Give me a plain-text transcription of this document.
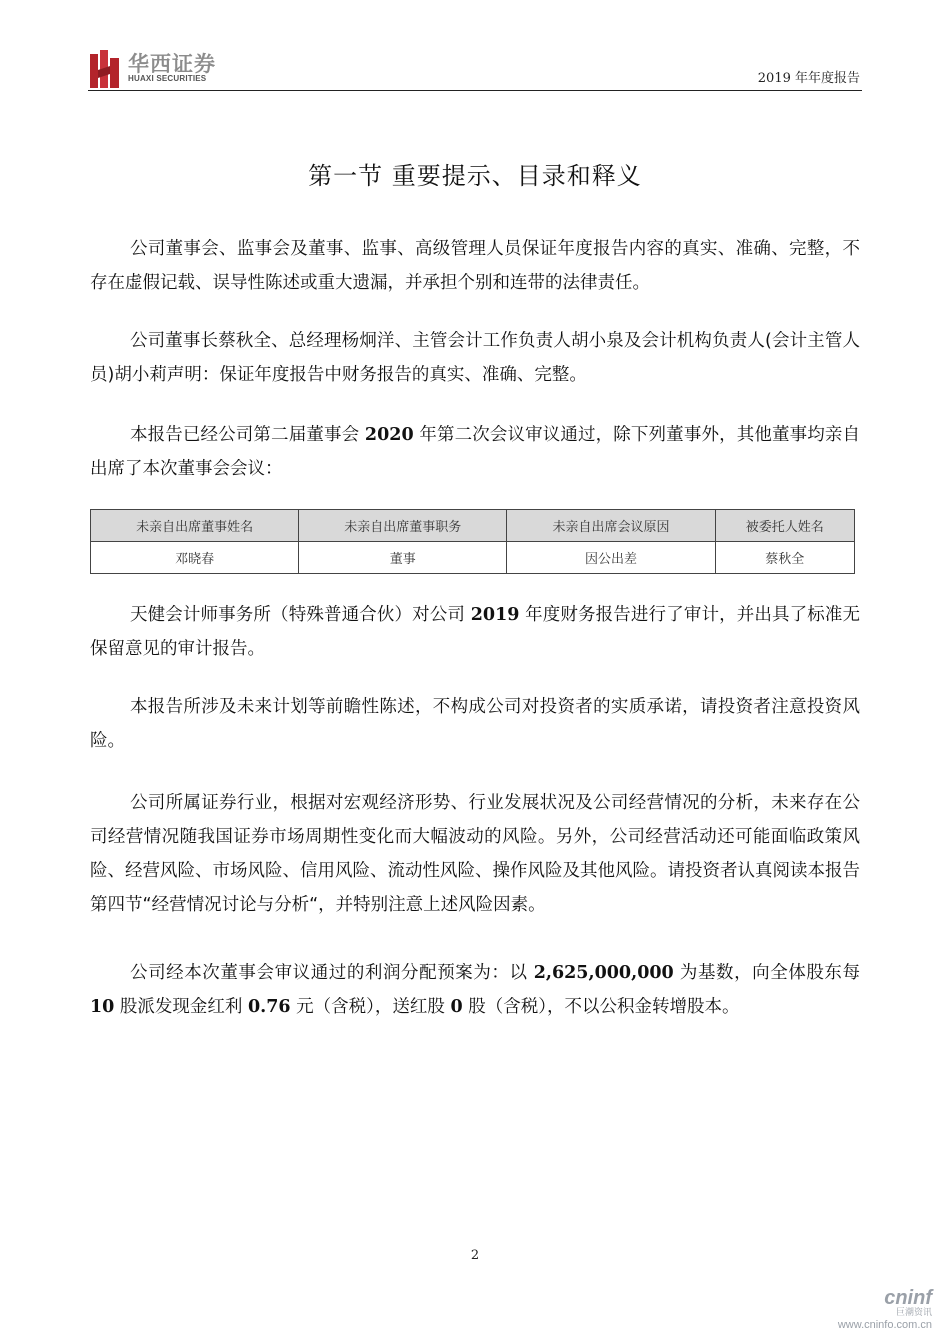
华西证券
HUAXI SECURITIES	2019 年年度报告
第一节 重要提示、目录和释义

公司董事会、监事会及董事、监事、高级管理人员保证年度报告内容的真实、准确、完整，不存在虚假记载、误导性陈述或重大遗漏，并承担个别和连带的法律责任。

公司董事长蔡秋全、总经理杨炯洋、主管会计工作负责人胡小泉及会计机构负责人(会计主管人员)胡小莉声明：保证年度报告中财务报告的真实、准确、完整。

本报告已经公司第二届董事会 2020 年第二次会议审议通过，除下列董事外，其他董事均亲自出席了本次董事会会议：

未亲自出席董事姓名	未亲自出席董事职务	未亲自出席会议原因	被委托人姓名
邓晓春	董事	因公出差	蔡秋全

天健会计师事务所（特殊普通合伙）对公司 2019 年度财务报告进行了审计，并出具了标准无保留意见的审计报告。

本报告所涉及未来计划等前瞻性陈述，不构成公司对投资者的实质承诺，请投资者注意投资风险。

公司所属证券行业，根据对宏观经济形势、行业发展状况及公司经营情况的分析，未来存在公司经营情况随我国证券市场周期性变化而大幅波动的风险。另外，公司经营活动还可能面临政策风险、经营风险、市场风险、信用风险、流动性风险、操作风险及其他风险。请投资者认真阅读本报告第四节“经营情况讨论与分析“，并特别注意上述风险因素。

公司经本次董事会审议通过的利润分配预案为：以 2,625,000,000 为基数，向全体股东每 10 股派发现金红利 0.76 元（含税），送红股 0 股（含税），不以公积金转增股本。

2
cninf
巨潮资讯
www.cninfo.com.cn
